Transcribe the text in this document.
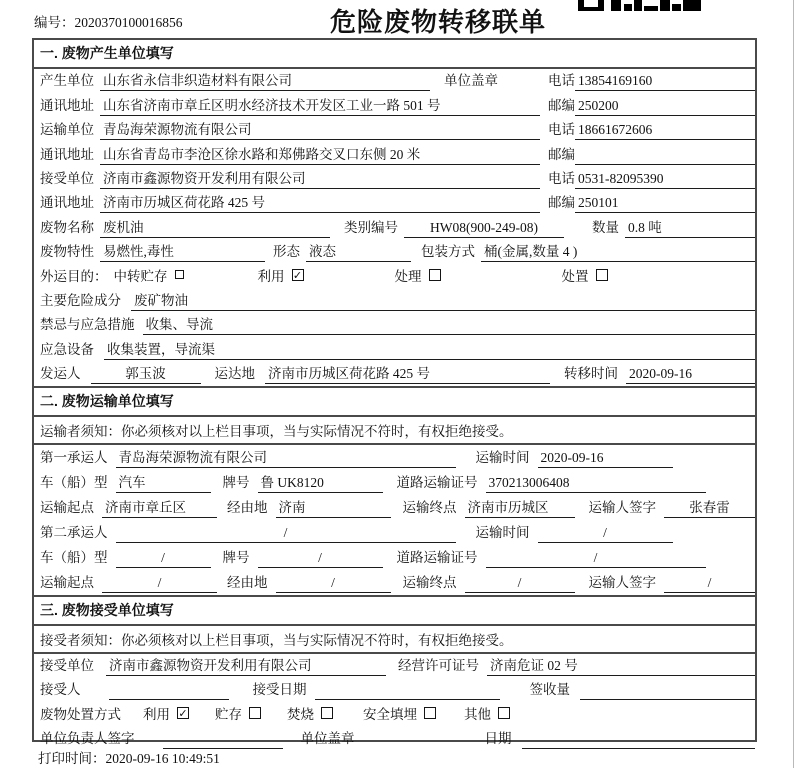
编号：2020370100016856	危险废物转移联单
一. 废物产生单位填写
产生单位 山东省永信非织造材料有限公司	单位盖章	电话 13854169160
通讯地址 山东省济南市章丘区明水经济技术开发区工业一路 501 号	邮编 250200
运输单位 青岛海荣源物流有限公司	电话 18661672606
通讯地址 山东省青岛市李沧区徐水路和郑佛路交叉口东侧 20 米	邮编
接受单位 济南市鑫源物资开发利用有限公司	电话 0531-82095390
通讯地址 济南市历城区荷花路 425 号	邮编 250101
废物名称 废机油	类别编号	HW08(900-249-08)	数量 0.8 吨
废物特性 易燃性,毒性	形态 液态	包装方式 桶(金属,数量 4 )
外运目的： 中转贮存	利用 ✓	处理	处置
主要危险成分 废矿物油
禁忌与应急措施 收集、导流
应急设备 收集装置，导流渠
发运人	郭玉波	运达地 济南市历城区荷花路 425 号	转移时间 2020-09-16
二. 废物运输单位填写
运输者须知：你必须核对以上栏目事项，当与实际情况不符时，有权拒绝接受。
第一承运人 青岛海荣源物流有限公司	运输时间 2020-09-16
车（船）型 汽车	牌号 鲁 UK8120	道路运输证号 370213006408
运输起点 济南市章丘区	经由地 济南	运输终点 济南市历城区	运输人签字	张春雷
第二承运人	/	运输时间	/
车（船）型	/	牌号	/	道路运输证号	/
运输起点	/	经由地	/	运输终点	/	运输人签字	/
三. 废物接受单位填写
接受者须知：你必须核对以上栏目事项，当与实际情况不符时，有权拒绝接受。
接受单位 济南市鑫源物资开发利用有限公司	经营许可证号 济南危证 02 号
接受人	接受日期	签收量
废物处置方式 利用 ✓ 贮存	焚烧	安全填埋	其他
单位负责人签字	单位盖章	日期
打印时间：2020-09-16 10:49:51
